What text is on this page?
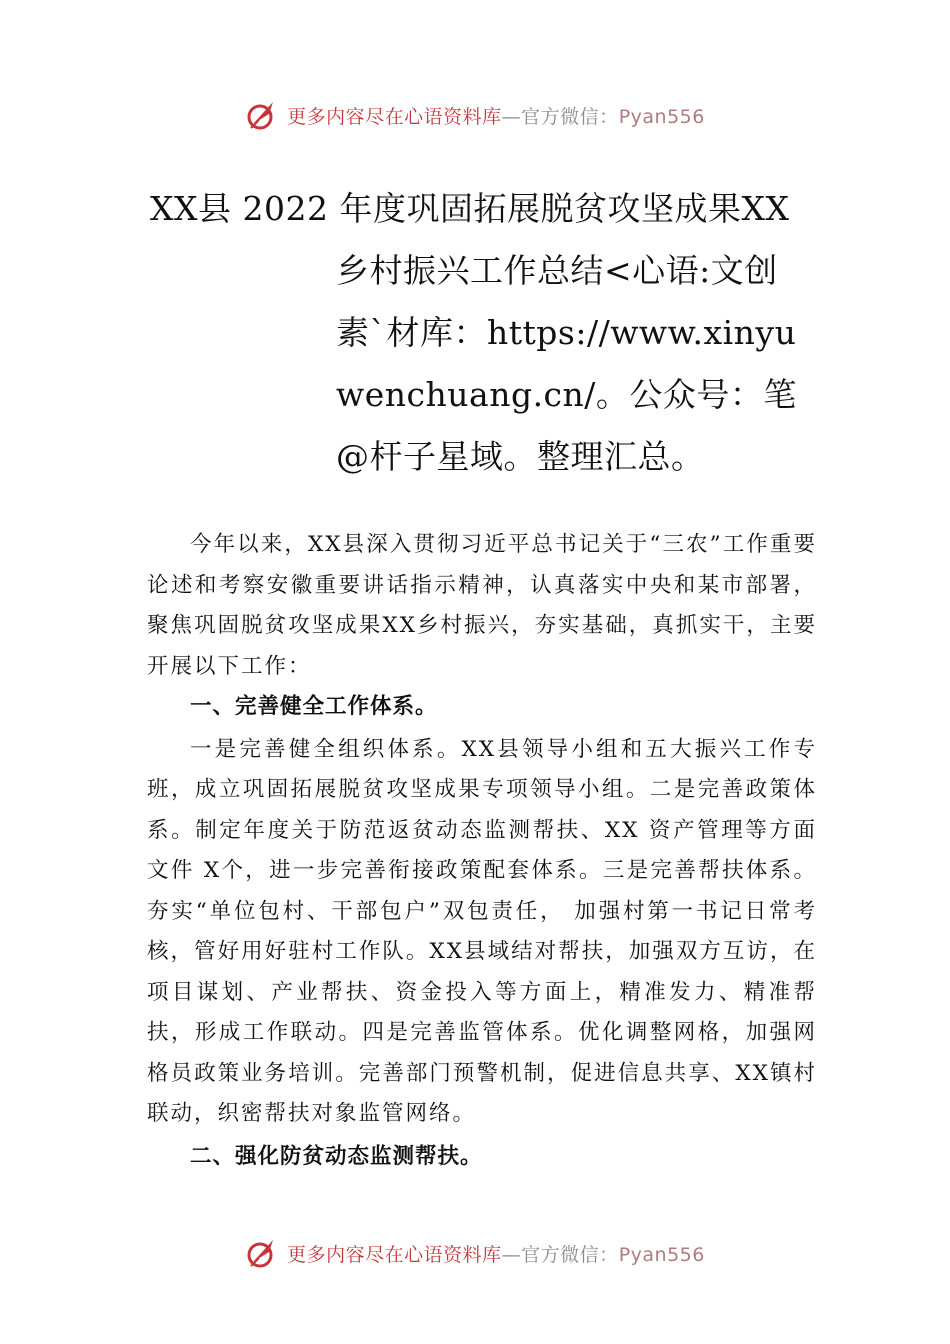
更多内容尽在心语资料库—官方微信：Pyan556
XX县 2022 年度巩固拓展脱贫攻坚成果XX
乡村振兴工作总结<心语:文创素`材库：https://www.xinyuwenchuang.cn/。公众号：笔@杆子星域。整理汇总。

今年以来，XX县深入贯彻习近平总书记关于“三农”工作重要论述和考察安徽重要讲话指示精神，认真落实中央和某市部署，聚焦巩固脱贫攻坚成果XX乡村振兴，夯实基础，真抓实干，主要开展以下工作：

一、完善健全工作体系。

一是完善健全组织体系。XX县领导小组和五大振兴工作专班，成立巩固拓展脱贫攻坚成果专项领导小组。二是完善政策体系。制定年度关于防范返贫动态监测帮扶、XX 资产管理等方面文件 X个，进一步完善衔接政策配套体系。三是完善帮扶体系。夯实“单位包村、干部包户”双包责任， 加强村第一书记日常考核，管好用好驻村工作队。XX县域结对帮扶，加强双方互访，在项目谋划、产业帮扶、资金投入等方面上，精准发力、精准帮扶，形成工作联动。四是完善监管体系。优化调整网格，加强网格员政策业务培训。完善部门预警机制，促进信息共享、XX镇村联动，织密帮扶对象监管网络。

二、强化防贫动态监测帮扶。
更多内容尽在心语资料库—官方微信：Pyan556
